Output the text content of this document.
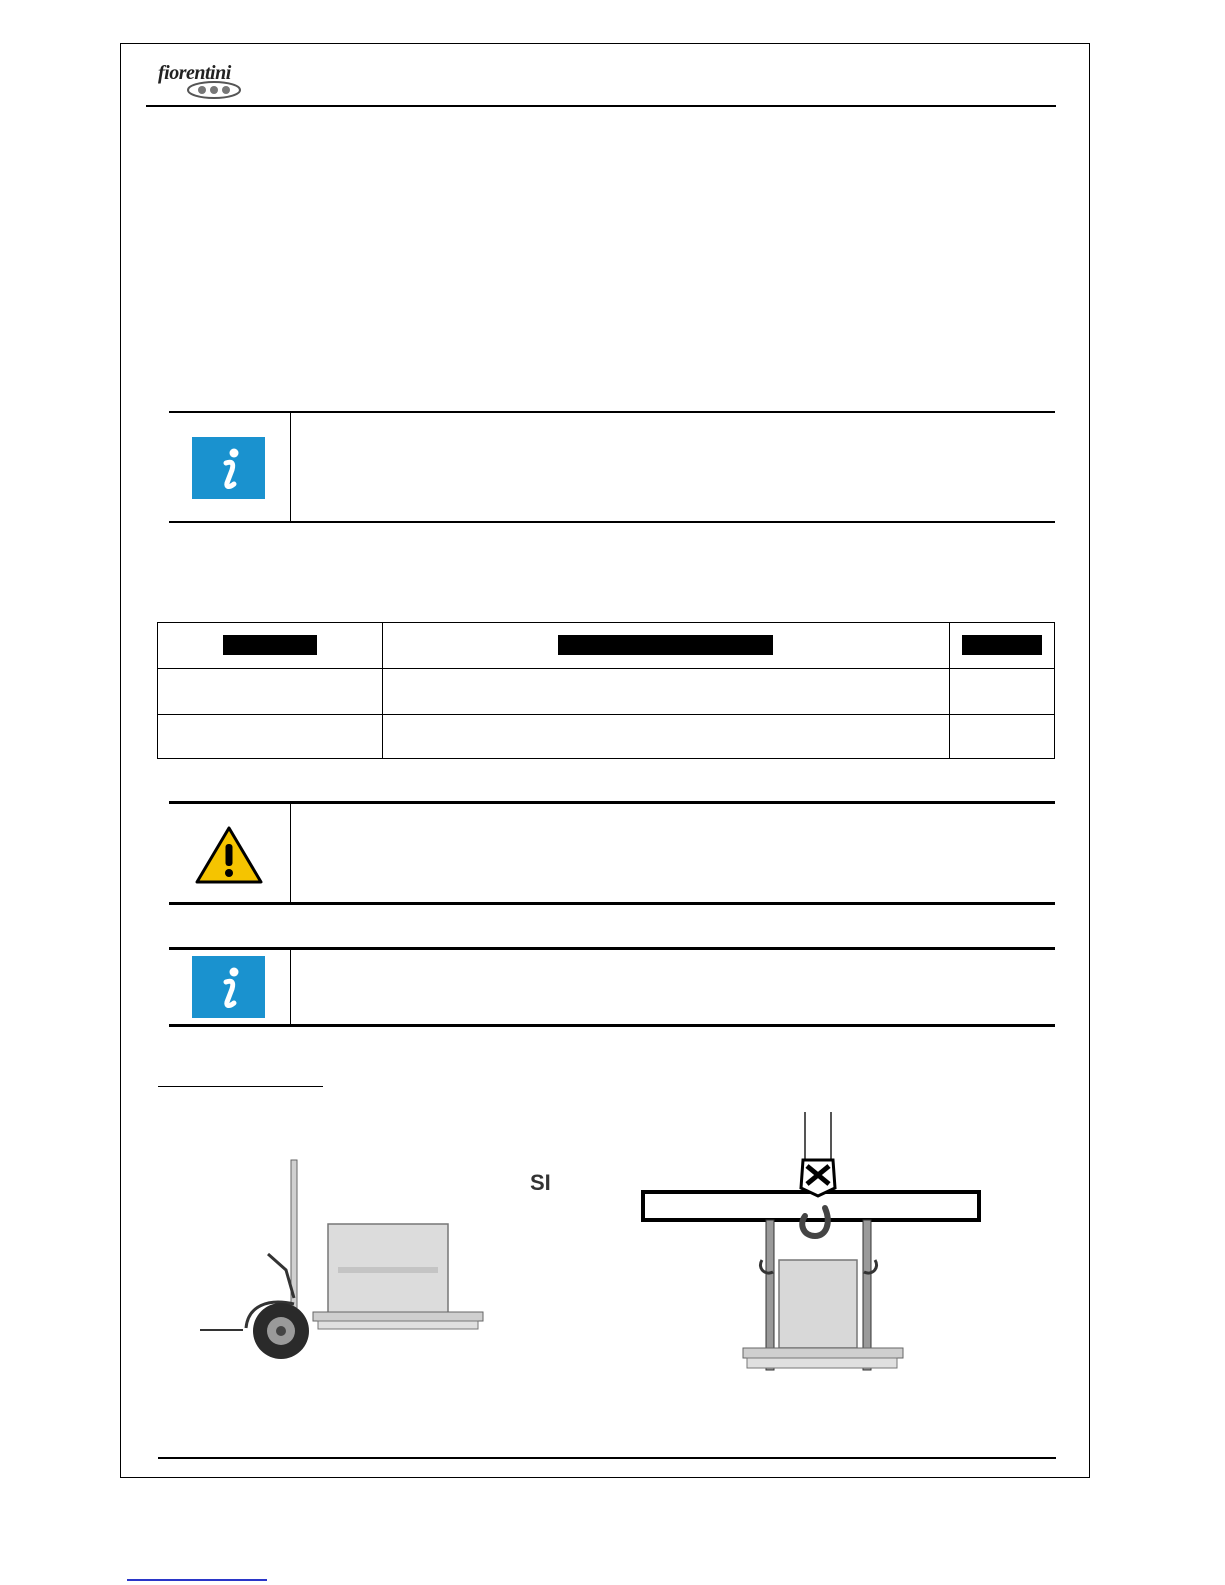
fiorentini
SI
